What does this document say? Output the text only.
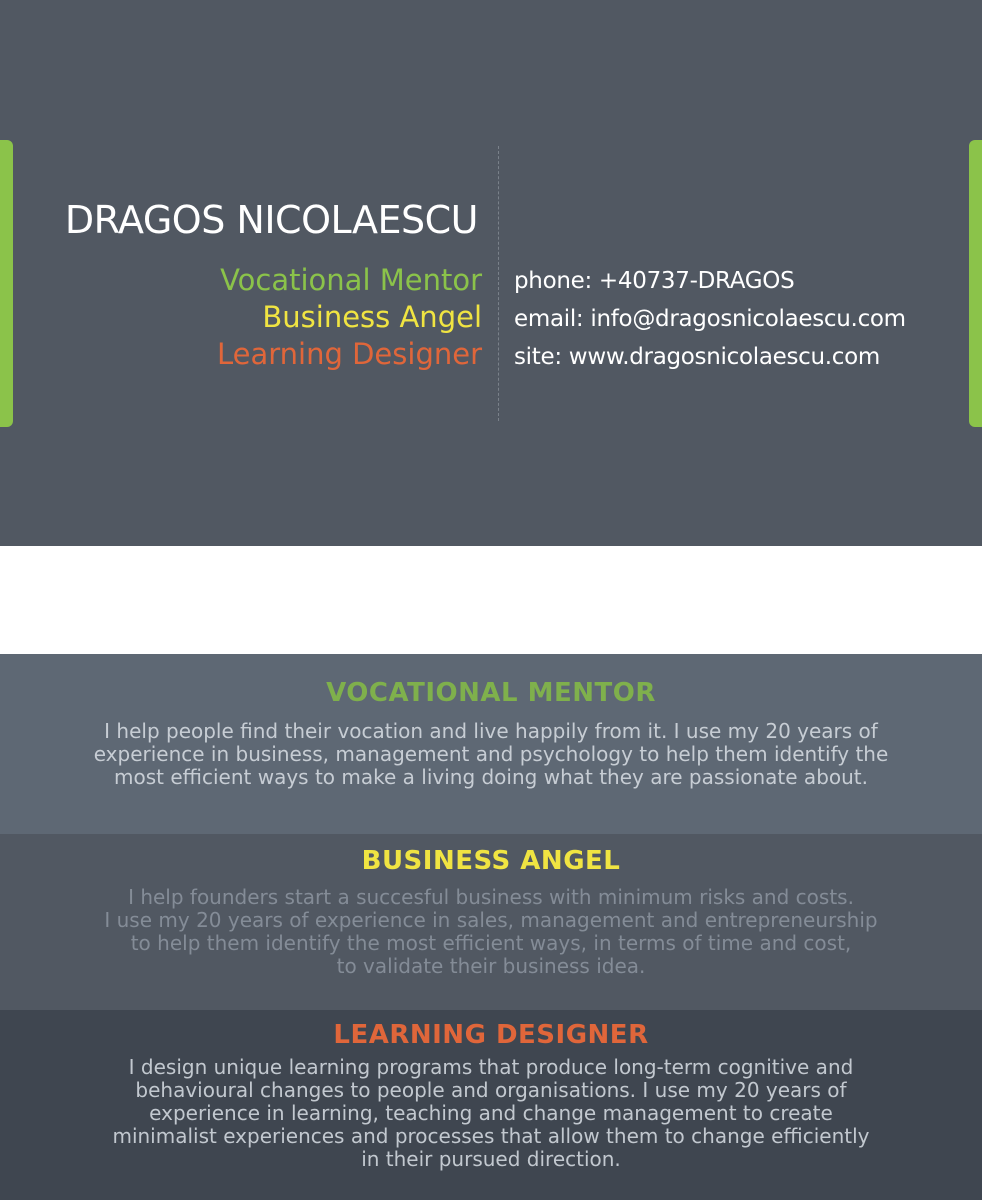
DRAGOS NICOLAESCU
Vocational Mentor
Business Angel
Learning Designer
phone: +40737-DRAGOS
email: info@dragosnicolaescu.com
site: www.dragosnicolaescu.com
VOCATIONAL MENTOR
I help people find their vocation and live happily from it. I use my 20 years of
experience in business, management and psychology to help them identify the
most efficient ways to make a living doing what they are passionate about.
BUSINESS ANGEL
I help founders start a succesful business with minimum risks and costs.
I use my 20 years of experience in sales, management and entrepreneurship
to help them identify the most efficient ways, in terms of time and cost,
to validate their business idea.
LEARNING DESIGNER
I design unique learning programs that produce long-term cognitive and
behavioural changes to people and organisations. I use my 20 years of
experience in learning, teaching and change management to create
minimalist experiences and processes that allow them to change efficiently
in their pursued direction.
